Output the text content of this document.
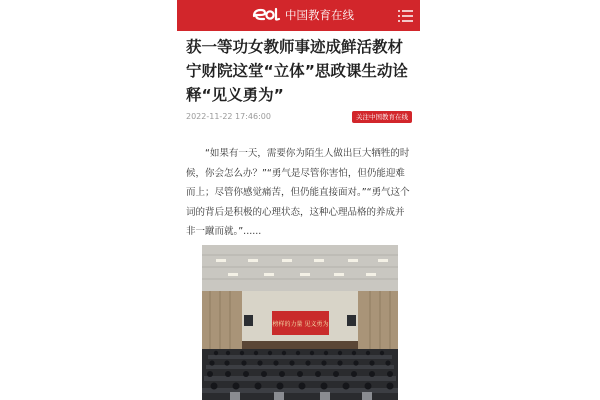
中国教育在线
获一等功女教师事迹成鲜活教材宁财院这堂“立体”思政课生动诠释“见义勇为”
2022-11-22 17:46:00	关注中国教育在线

“如果有一天，需要你为陌生人做出巨大牺牲的时候，你会怎么办？”“勇气是尽管你害怕，但仍能迎难而上；尽管你感觉痛苦，但仍能直接面对。”“勇气这个词的背后是积极的心理状态，这种心理品格的养成并非一蹴而就。”......

榜样的力量 见义勇为
